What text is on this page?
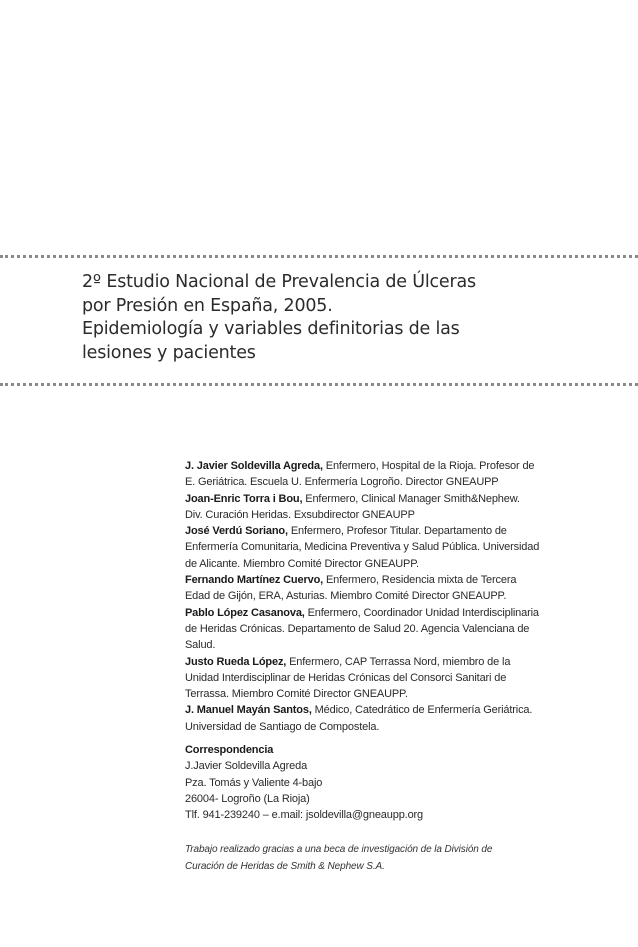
2º Estudio Nacional de Prevalencia de Úlceras
por Presión en España, 2005.
Epidemiología y variables definitorias de las
lesiones y pacientes
J. Javier Soldevilla Agreda, Enfermero, Hospital de la Rioja. Profesor de
E. Geriátrica. Escuela U. Enfermería Logroño. Director GNEAUPP
Joan-Enric Torra i Bou, Enfermero, Clinical Manager Smith&Nephew.
Div. Curación Heridas. Exsubdirector GNEAUPP
José Verdú Soriano, Enfermero, Profesor Titular. Departamento de
Enfermería Comunitaria, Medicina Preventiva y Salud Pública. Universidad
de Alicante. Miembro Comité Director GNEAUPP.
Fernando Martínez Cuervo, Enfermero, Residencia mixta de Tercera
Edad de Gijón, ERA, Asturias. Miembro Comité Director GNEAUPP.
Pablo López Casanova, Enfermero, Coordinador Unidad Interdisciplinaria
de Heridas Crónicas. Departamento de Salud 20. Agencia Valenciana de
Salud.
Justo Rueda López, Enfermero, CAP Terrassa Nord, miembro de la
Unidad Interdisciplinar de Heridas Crónicas del Consorci Sanitari de
Terrassa. Miembro Comité Director GNEAUPP.
J. Manuel Mayán Santos, Médico, Catedrático de Enfermería Geriátrica.
Universidad de Santiago de Compostela.
Correspondencia
J.Javier Soldevilla Agreda
Pza. Tomás y Valiente 4-bajo
26004- Logroño (La Rioja)
Tlf. 941-239240 – e.mail: jsoldevilla@gneaupp.org
Trabajo realizado gracias a una beca de investigación de la División de
Curación de Heridas de Smith & Nephew S.A.
